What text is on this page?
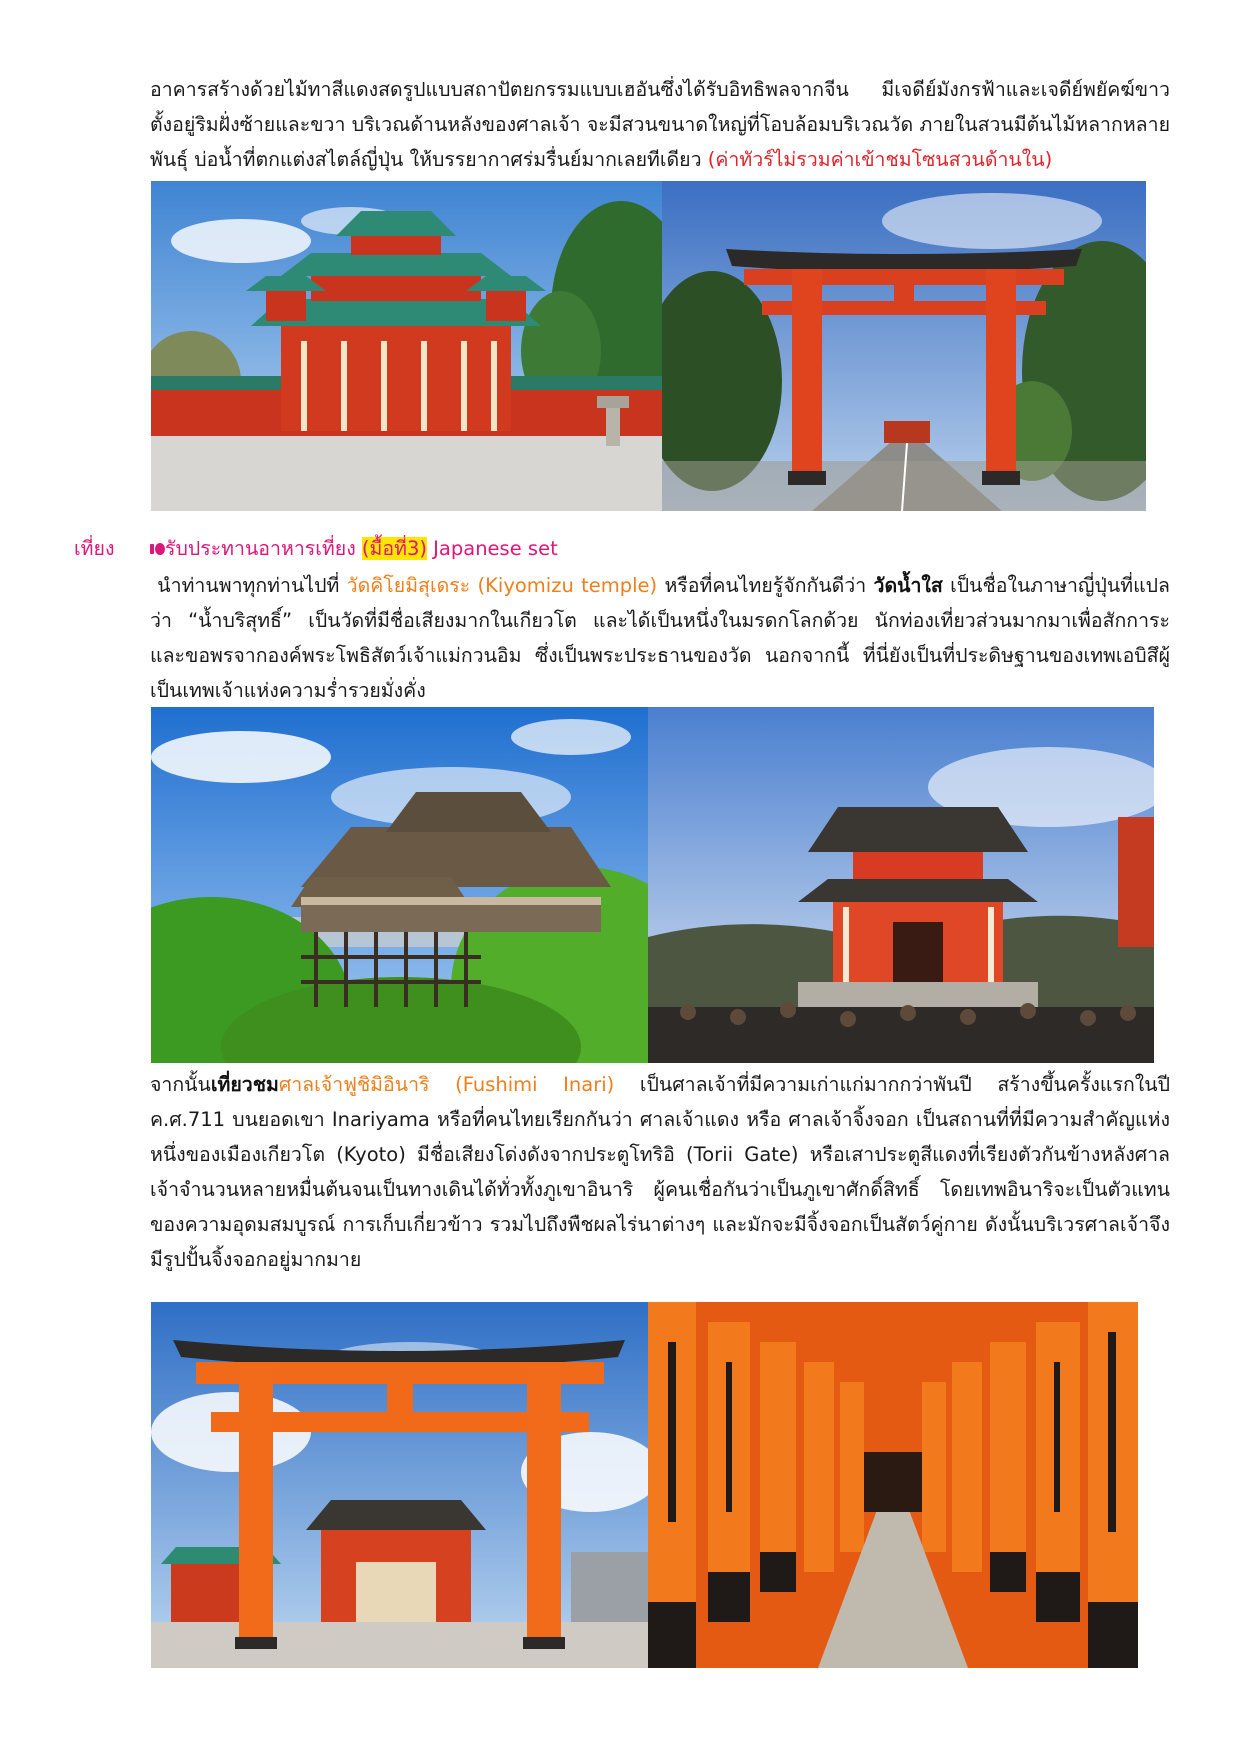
อาคารสร้างด้วยไม้ทาสีแดงสดรูปแบบสถาปัตยกรรมแบบเฮอันซึ่งได้รับอิทธิพลจากจีน มีเจดีย์มังกรฟ้าและเจดีย์พยัคฆ์ขาว ตั้งอยู่ริมฝั่งซ้ายและขวา บริเวณด้านหลังของศาลเจ้า จะมีสวนขนาดใหญ่ที่โอบล้อมบริเวณวัด ภายในสวนมีต้นไม้หลากหลายพันธุ์ บ่อน้ำที่ตกแต่งสไตล์ญี่ปุ่น ให้บรรยากาศร่มรื่นย์มากเลยทีเดียว (ค่าทัวร์ไม่รวมค่าเข้าชมโซนสวนด้านใน)

เที่ยง	รับประทานอาหารเที่ยง (มื้อที่3) Japanese set

นำท่านพาทุกท่านไปที่ วัดคิโยมิสุเดระ (Kiyomizu temple) หรือที่คนไทยรู้จักกันดีว่า วัดน้ำใส เป็นชื่อในภาษาญี่ปุ่นที่แปลว่า “น้ำบริสุทธิ์” เป็นวัดที่มีชื่อเสียงมากในเกียวโต และได้เป็นหนึ่งในมรดกโลกด้วย นักท่องเที่ยวส่วนมากมาเพื่อสักการะ และขอพรจากองค์พระโพธิสัตว์เจ้าแม่กวนอิม ซึ่งเป็นพระประธานของวัด นอกจากนี้ ที่นี่ยังเป็นที่ประดิษฐานของเทพเอบิสึผู้เป็นเทพเจ้าแห่งความร่ำรวยมั่งคั่ง

จากนั้นเที่ยวชมศาลเจ้าฟูชิมิอินาริ (Fushimi Inari) เป็นศาลเจ้าที่มีความเก่าแก่มากกว่าพันปี สร้างขึ้นครั้งแรกในปี ค.ศ.711 บนยอดเขา Inariyama หรือที่คนไทยเรียกกันว่า ศาลเจ้าแดง หรือ ศาลเจ้าจิ้งจอก เป็นสถานที่ที่มีความสำคัญแห่งหนึ่งของเมืองเกียวโต (Kyoto) มีชื่อเสียงโด่งดังจากประตูโทริอิ (Torii Gate) หรือเสาประตูสีแดงที่เรียงตัวกันข้างหลังศาลเจ้าจำนวนหลายหมื่นต้นจนเป็นทางเดินได้ทั่วทั้งภูเขาอินาริ ผู้คนเชื่อกันว่าเป็นภูเขาศักดิ์สิทธิ์ โดยเทพอินาริจะเป็นตัวแทนของความอุดมสมบูรณ์ การเก็บเกี่ยวข้าว รวมไปถึงพืชผลไร่นาต่างๆ และมักจะมีจิ้งจอกเป็นสัตว์คู่กาย ดังนั้นบริเวรศาลเจ้าจึงมีรูปปั้นจิ้งจอกอยู่มากมาย
